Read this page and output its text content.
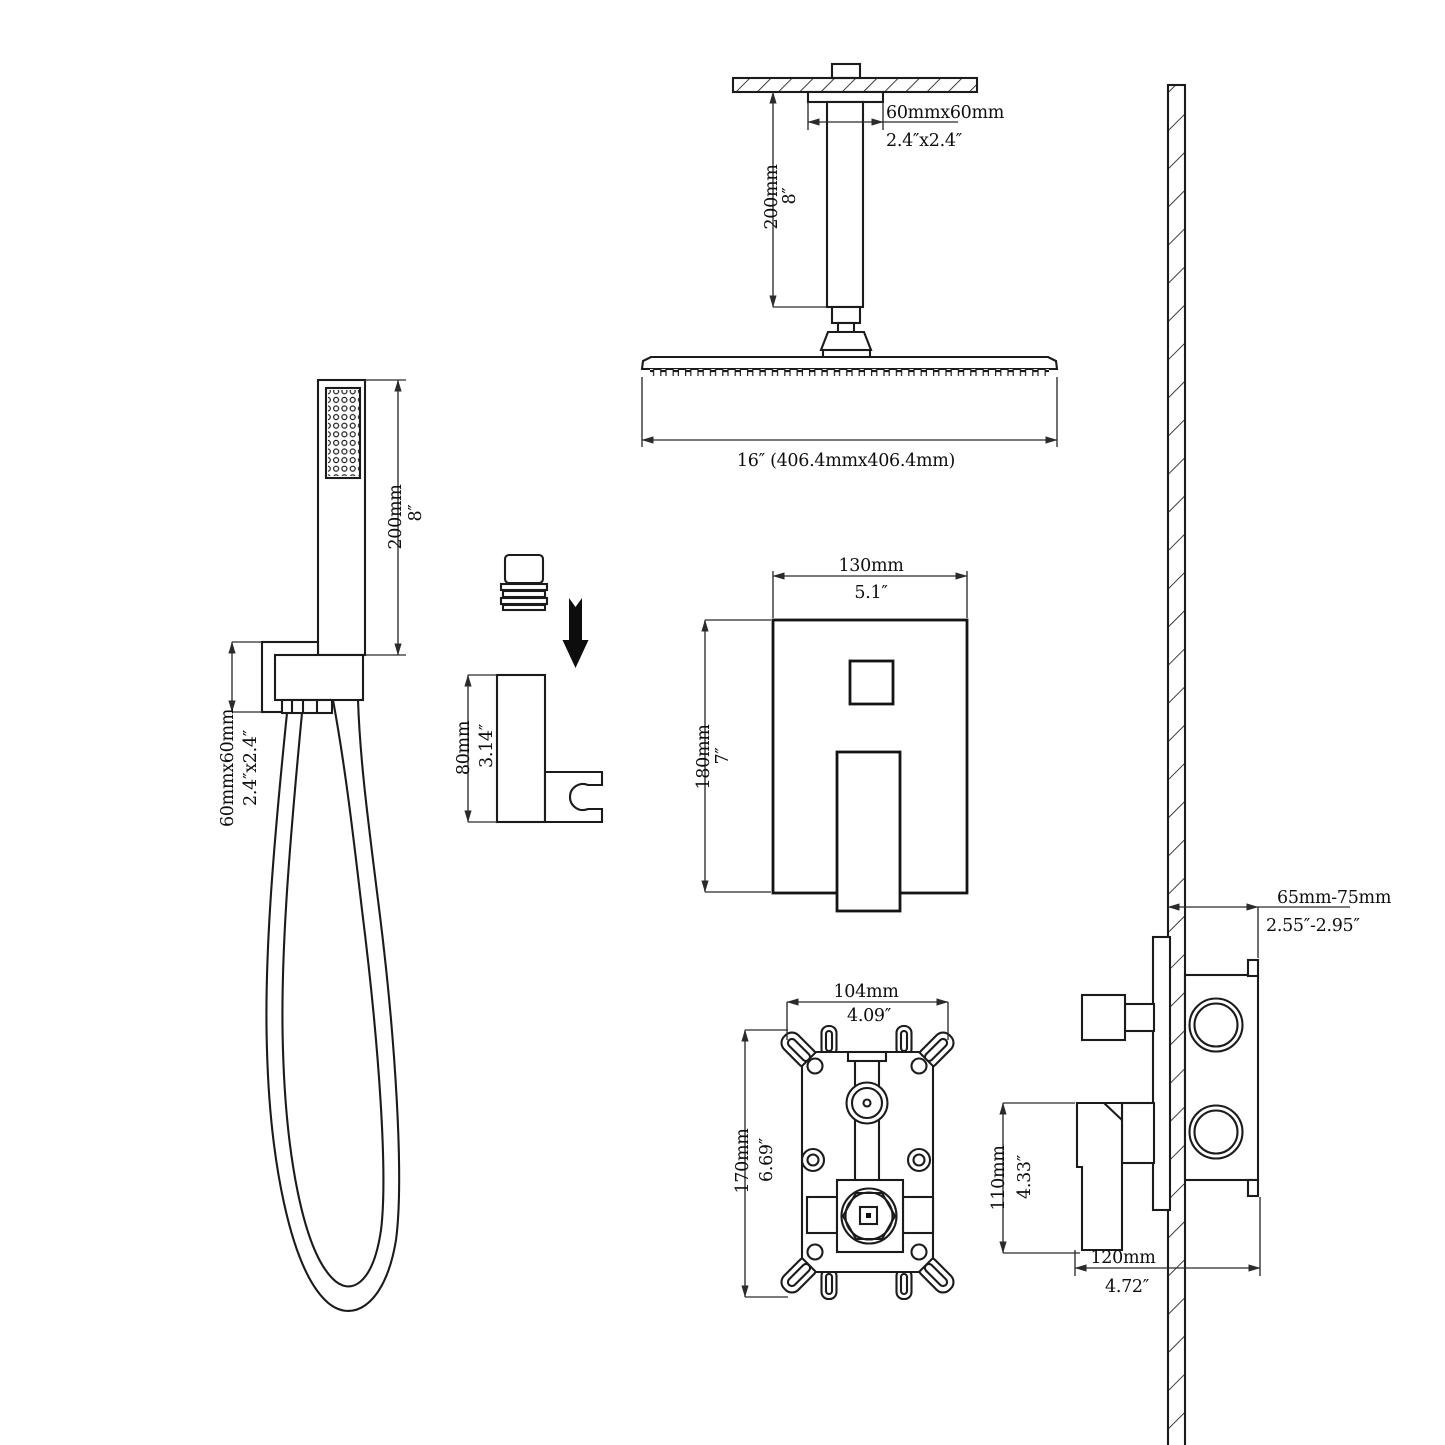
60mmx60mm
2.4″x2.4″
200mm
8″
16″ (406.4mmx406.4mm)
200mm 8″
60mmx60mm 2.4″x2.4″	80mm 3.14″
130mm
5.1″
180mm 7″
104mm
4.09″
170mm 6.69″
65mm-75mm
2.55″-2.95″
110mm 4.33″
120mm
4.72″
